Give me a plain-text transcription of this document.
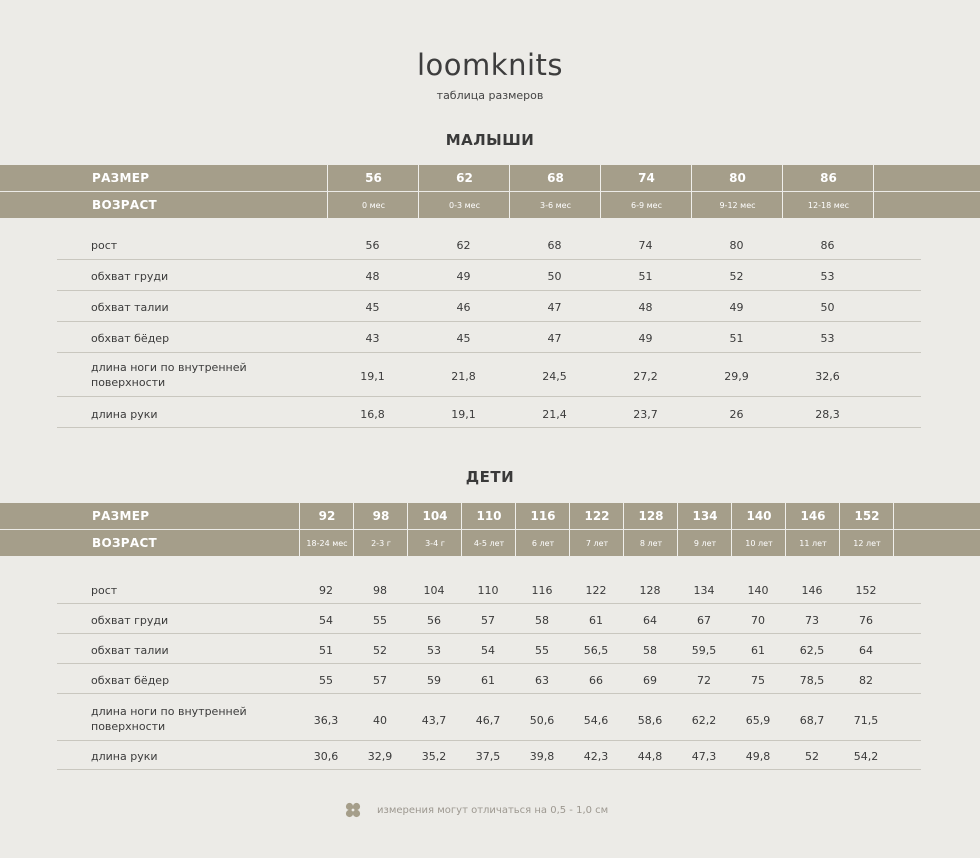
loomknits
таблица размеров
МАЛЫШИ
РАЗМЕР	56	62	68	74	80	86
ВОЗРАСТ	0 мес	0-3 мес	3-6 мес	6-9 мес	9-12 мес	12-18 мес
рост	56	62	68	74	80	86
обхват груди	48	49	50	51	52	53
обхват талии	45	46	47	48	49	50
обхват бёдер	43	45	47	49	51	53
длина ноги по внутренней поверхности	19,1	21,8	24,5	27,2	29,9	32,6
длина руки	16,8	19,1	21,4	23,7	26	28,3
ДЕТИ
РАЗМЕР	92	98	104	110	116	122	128	134	140	146	152
ВОЗРАСТ	18-24 мес	2-3 г	3-4 г	4-5 лет	6 лет	7 лет	8 лет	9 лет	10 лет	11 лет	12 лет
рост	92	98	104	110	116	122	128	134	140	146	152
обхват груди	54	55	56	57	58	61	64	67	70	73	76
обхват талии	51	52	53	54	55	56,5	58	59,5	61	62,5	64
обхват бёдер	55	57	59	61	63	66	69	72	75	78,5	82
длина ноги по внутренней поверхности	36,3	40	43,7	46,7	50,6	54,6	58,6	62,2	65,9	68,7	71,5
длина руки	30,6	32,9	35,2	37,5	39,8	42,3	44,8	47,3	49,8	52	54,2
измерения могут отличаться на 0,5 - 1,0 см
